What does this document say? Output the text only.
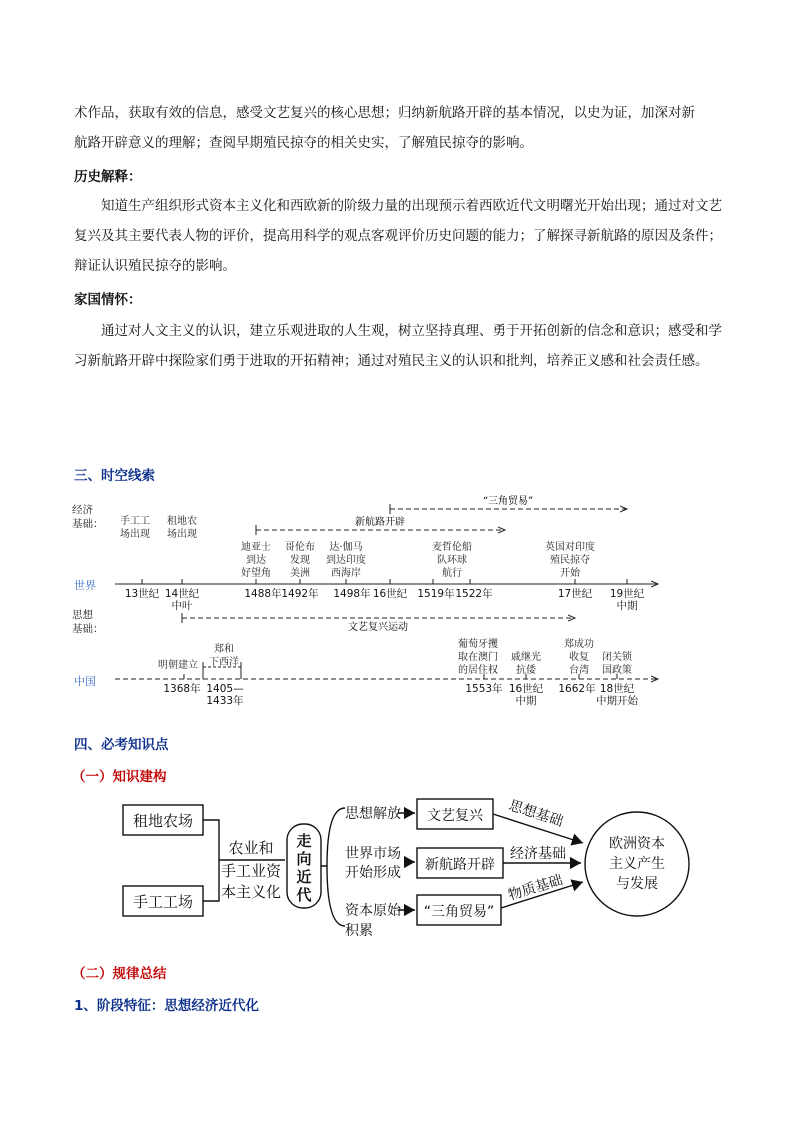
术作品，获取有效的信息，感受文艺复兴的核心思想；归纳新航路开辟的基本情况，以史为证，加深对新
航路开辟意义的理解；查阅早期殖民掠夺的相关史实，了解殖民掠夺的影响。
历史解释：
知道生产组织形式资本主义化和西欧新的阶级力量的出现预示着西欧近代文明曙光开始出现；通过对文艺复兴及其主要代表人物的评价，提高用科学的观点客观评价历史问题的能力；了解探寻新航路的原因及条件；辩证认识殖民掠夺的影响。
家国情怀：
通过对人文主义的认识，建立乐观进取的人生观，树立坚持真理、勇于开拓创新的信念和意识；感受和学习新航路开辟中探险家们勇于进取的开拓精神；通过对殖民主义的认识和批判，培养正义感和社会责任感。
三、时空线索
经济
基础：
思想
基础：
世界
中国
“三角贸易”
新航路开辟
手工工
场出现
租地农
场出现
迪亚士
到达
好望角
哥伦布
发现
美洲
达·伽马
到达印度
西海岸
麦哲伦船
队环球
航行
英国对印度
殖民掠夺
开始
13世纪 14世纪
中叶
1488年 1492年 1498年 16世纪 1519年 1522年	17世纪 19世纪
中期
文艺复兴运动
明朝建立
郑和
下西洋
葡萄牙攫
取在澳门
的居住权
戚继光
抗倭
郑成功
收复
台湾
闭关锁
国政策
1368年 1405—
1433年
1553年 16世纪
中期
1662年 18世纪
中期开始
四、必考知识点
（一）知识建构
租地农场
手工工场
农业和
手工业资
本主义化
走
向
近
代
思想解放
世界市场
开始形成
资本原始
积累
文艺复兴
新航路开辟
“三角贸易”
思想基础
经济基础
物质基础
欧洲资本
主义产生
与发展
（二）规律总结
1、阶段特征：思想经济近代化
